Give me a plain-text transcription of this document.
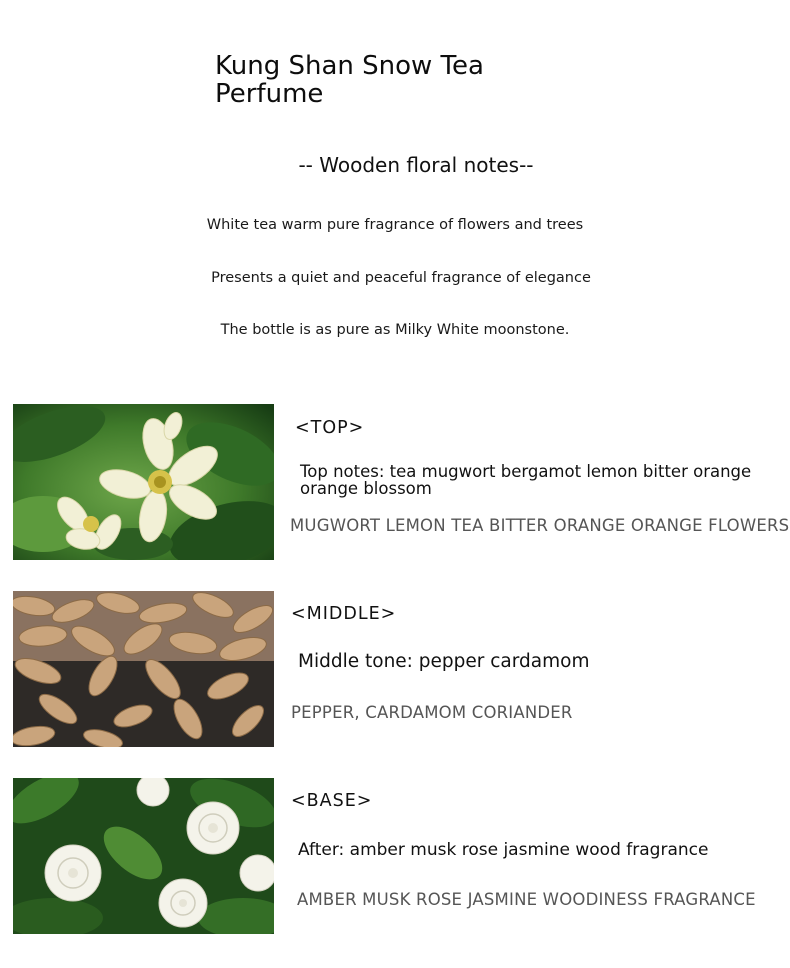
Kung Shan Snow Tea Perfume
-- Wooden floral notes--
White tea warm pure fragrance of flowers and trees
Presents a quiet and peaceful fragrance of elegance
The bottle is as pure as Milky White moonstone.
<TOP>
Top notes: tea mugwort bergamot lemon bitter orange orange blossom
MUGWORT LEMON TEA BITTER ORANGE ORANGE FLOWERS
<MIDDLE>
Middle tone: pepper cardamom
PEPPER, CARDAMOM CORIANDER
<BASE>
After: amber musk rose jasmine wood fragrance
AMBER MUSK ROSE JASMINE WOODINESS FRAGRANCE
